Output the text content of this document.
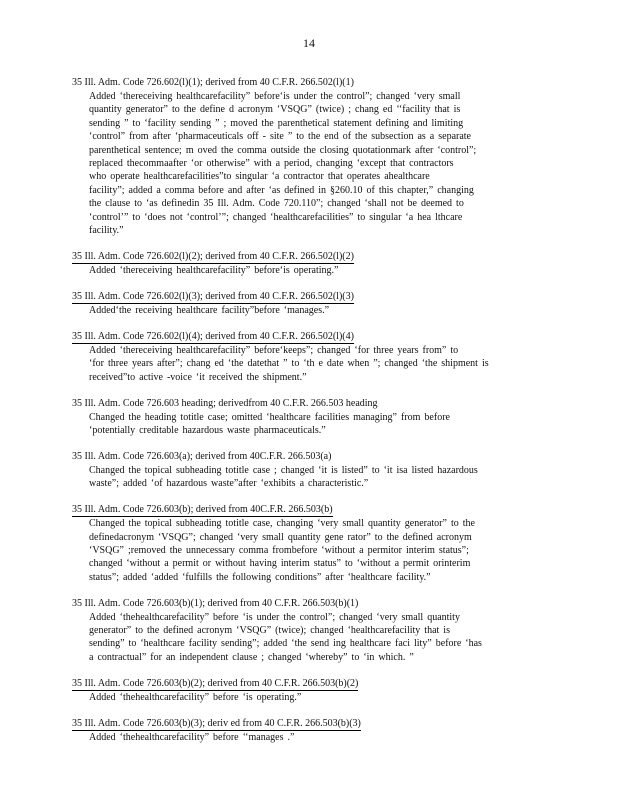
14
35 Ill. Adm. Code 726.602(l)(1); derived from 40 C.F.R. 266.502(l)(1)
Added ‘thereceiving healthcarefacility” before‘is under the control”; changed ‘very small
quantity generator” to the define d acronym ‘VSQG” (twice) ; chang ed ‘‘facility that is
sending ” to ‘facility sending ” ; moved the parenthetical statement defining and limiting
‘control” from after ‘pharmaceuticals off - site ” to the end of the subsection as a separate
parenthetical sentence; m oved the comma outside the closing quotationmark after ‘control”;
replaced thecommaafter ‘or otherwise” with a period, changing ‘except that contractors
who operate healthcarefacilities”to singular ‘a contractor that operates ahealthcare
facility”; added a comma before and after ‘as defined in §260.10 of this chapter,” changing
the clause to ‘as definedin 35 Ill. Adm. Code 720.110”; changed ‘shall not be deemed to
‘control’” to ‘does not ‘control’”; changed ‘healthcarefacilities” to singular ‘a hea lthcare
facility.”
35 Ill. Adm. Code 726.602(l)(2); derived from 40 C.F.R. 266.502(l)(2)
Added ‘thereceiving healthcarefacility” before‘is operating.”
35 Ill. Adm. Code 726.602(l)(3); derived from 40 C.F.R. 266.502(l)(3)
Added‘the receiving healthcare facility”before ‘manages.”
35 Ill. Adm. Code 726.602(l)(4); derived from 40 C.F.R. 266.502(l)(4)
Added ‘thereceiving healthcarefacility” before‘keeps”; changed ‘for three years from” to
‘for three years after”; chang ed ‘the datethat ” to ‘th e date when ”; changed ‘the shipment is
received”to active -voice ‘it received the shipment.”
35 Ill. Adm. Code 726.603 heading; derivedfrom 40 C.F.R. 266.503 heading
Changed the heading totitle case; omitted ‘healthcare facilities managing” from before
‘potentially creditable hazardous waste pharmaceuticals.”
35 Ill. Adm. Code 726.603(a); derived from 40C.F.R. 266.503(a)
Changed the topical subheading totitle case ; changed ‘it is listed” to ‘it isa listed hazardous
waste”; added ‘of hazardous waste”after ‘exhibits a characteristic.”
35 Ill. Adm. Code 726.603(b); derived from 40C.F.R. 266.503(b)
Changed the topical subheading totitle case, changing ‘very small quantity generator” to the
definedacronym ‘VSQG”; changed ‘very small quantity gene rator” to the defined acronym
‘VSQG” ;removed the unnecessary comma frombefore ‘without a permitor interim status”;
changed ‘without a permit or without having interim status” to ‘without a permit orinterim
status”; added ‘added ‘fulfills the following conditions” after ‘healthcare facility.”
35 Ill. Adm. Code 726.603(b)(1); derived from 40 C.F.R. 266.503(b)(1)
Added ‘thehealthcarefacility” before ‘is under the control”; changed ‘very small quantity
generator” to the defined acronym ‘VSQG” (twice); changed ‘healthcarefacility that is
sending” to ‘healthcare facility sending”; added ‘the send ing healthcare faci lity” before ‘has
a contractual” for an independent clause ; changed ‘whereby” to ‘in which. ”
35 Ill. Adm. Code 726.603(b)(2); derived from 40 C.F.R. 266.503(b)(2)
Added ‘thehealthcarefacility” before ‘is operating.”
35 Ill. Adm. Code 726.603(b)(3); deriv ed from 40 C.F.R. 266.503(b)(3)
Added ‘thehealthcarefacility” before ‘‘manages .”
